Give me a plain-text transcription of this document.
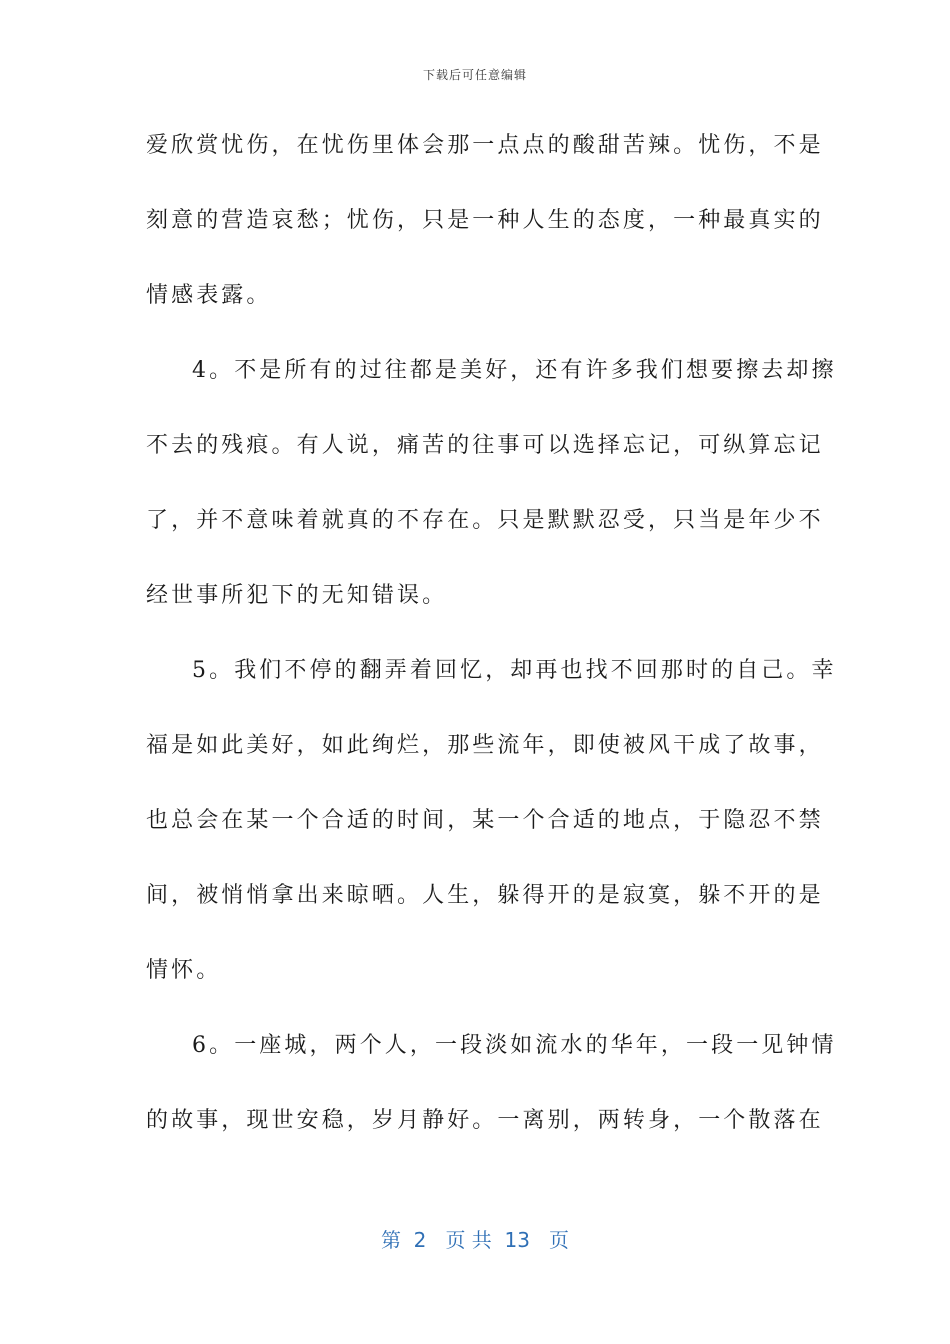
下载后可任意编辑
爱欣赏忧伤，在忧伤里体会那一点点的酸甜苦辣。忧伤，不是
刻意的营造哀愁；忧伤，只是一种人生的态度，一种最真实的
情感表露。
4。不是所有的过往都是美好，还有许多我们想要擦去却擦
不去的残痕。有人说，痛苦的往事可以选择忘记，可纵算忘记
了，并不意味着就真的不存在。只是默默忍受，只当是年少不
经世事所犯下的无知错误。
5。我们不停的翻弄着回忆，却再也找不回那时的自己。幸
福是如此美好，如此绚烂，那些流年，即使被风干成了故事，
也总会在某一个合适的时间，某一个合适的地点，于隐忍不禁
间，被悄悄拿出来晾晒。人生，躲得开的是寂寞，躲不开的是
情怀。
6。一座城，两个人，一段淡如流水的华年，一段一见钟情
的故事，现世安稳，岁月静好。一离别，两转身，一个散落在
第  2   页 共  13   页
